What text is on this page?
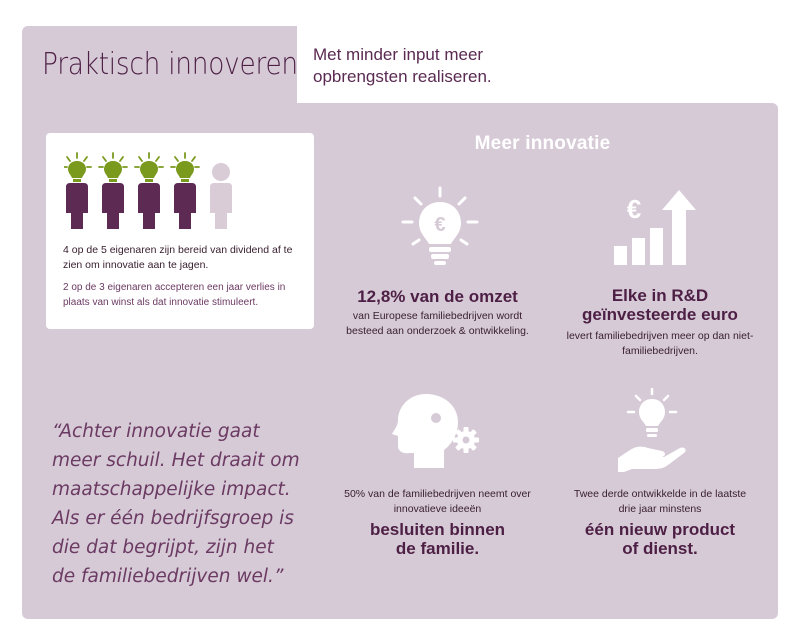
Praktisch innoveren Met minder input meer opbrengsten realiseren.
4 op de 5 eigenaren zijn bereid van dividend af te zien om innovatie aan te jagen.
2 op de 3 eigenaren accepteren een jaar verlies in plaats van winst als dat innovatie stimuleert.
Meer innovatie
€
12,8% van de omzet
van Europese familiebedrijven wordt besteed aan onderzoek & ontwikkeling.
€
Elke in R&D
geïnvesteerde euro
levert familiebedrijven meer op dan niet-familiebedrijven.
50% van de familiebedrijven neemt over innovatieve ideeën
besluiten binnen
de familie.
Twee derde ontwikkelde in de laatste drie jaar minstens
één nieuw product
of dienst.
“Achter innovatie gaat meer schuil. Het draait om maatschappelijke impact. Als er één bedrijfsgroep is die dat begrijpt, zijn het de familiebedrijven wel.”
